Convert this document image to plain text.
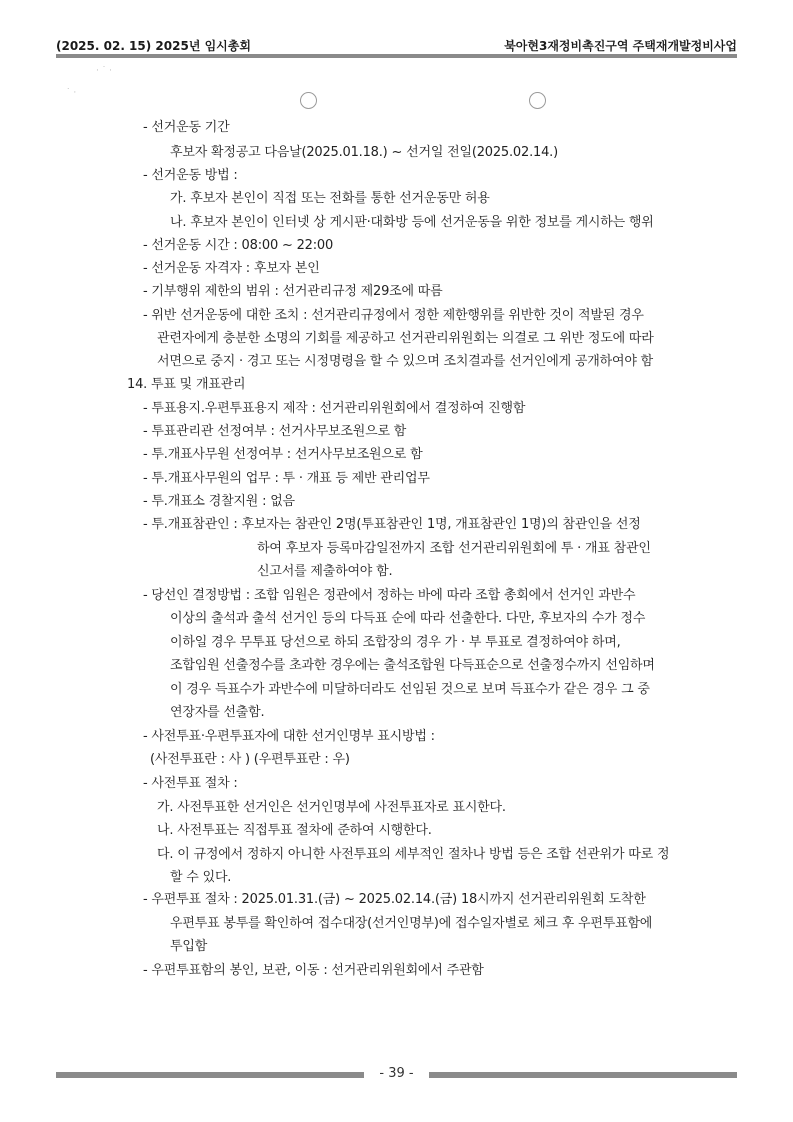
(2025. 02. 15) 2025년 임시총회	북아현3재정비촉진구역 주택재개발정비사업
· ˙ ·
˙ ·
- 선거운동 기간
후보자 확정공고 다음날(2025.01.18.) ~ 선거일 전일(2025.02.14.)
- 선거운동 방법 :
가. 후보자 본인이 직접 또는 전화를 통한 선거운동만 허용
나. 후보자 본인이 인터넷 상 게시판·대화방 등에 선거운동을 위한 정보를 게시하는 행위
- 선거운동 시간 : 08:00 ~ 22:00
- 선거운동 자격자 : 후보자 본인
- 기부행위 제한의 범위 : 선거관리규정 제29조에 따름
- 위반 선거운동에 대한 조치 : 선거관리규정에서 정한 제한행위를 위반한 것이 적발된 경우
관련자에게 충분한 소명의 기회를 제공하고 선거관리위원회는 의결로 그 위반 정도에 따라
서면으로 중지 · 경고 또는 시정명령을 할 수 있으며 조치결과를 선거인에게 공개하여야 함
14. 투표 및 개표관리
- 투표용지.우편투표용지 제작 : 선거관리위원회에서 결정하여 진행함
- 투표관리관 선정여부 : 선거사무보조원으로 함
- 투.개표사무원 선정여부 : 선거사무보조원으로 함
- 투.개표사무원의 업무 : 투 · 개표 등 제반 관리업무
- 투.개표소 경찰지원 : 없음
- 투.개표참관인 : 후보자는 참관인 2명(투표참관인 1명, 개표참관인 1명)의 참관인을 선정
하여 후보자 등록마감일전까지 조합 선거관리위원회에 투 · 개표 참관인
신고서를 제출하여야 함.
- 당선인 결정방법 : 조합 임원은 정관에서 정하는 바에 따라 조합 총회에서 선거인 과반수
이상의 출석과 출석 선거인 등의 다득표 순에 따라 선출한다. 다만, 후보자의 수가 정수
이하일 경우 무투표 당선으로 하되 조합장의 경우 가 · 부 투표로 결정하여야 하며,
조합임원 선출정수를 초과한 경우에는 출석조합원 다득표순으로 선출정수까지 선임하며
이 경우 득표수가 과반수에 미달하더라도 선임된 것으로 보며 득표수가 같은 경우 그 중
연장자를 선출함.
- 사전투표·우편투표자에 대한 선거인명부 표시방법 :
(사전투표란 : 사 ) (우편투표란 : 우)
- 사전투표 절차 :
가. 사전투표한 선거인은 선거인명부에 사전투표자로 표시한다.
나. 사전투표는 직접투표 절차에 준하여 시행한다.
다. 이 규정에서 정하지 아니한 사전투표의 세부적인 절차나 방법 등은 조합 선관위가 따로 정
할 수 있다.
- 우편투표 절차 : 2025.01.31.(금) ~ 2025.02.14.(금) 18시까지 선거관리위원회 도착한
우편투표 봉투를 확인하여 접수대장(선거인명부)에 접수일자별로 체크 후 우편투표함에
투입함
- 우편투표함의 봉인, 보관, 이동 : 선거관리위원회에서 주관함
- 39 -
